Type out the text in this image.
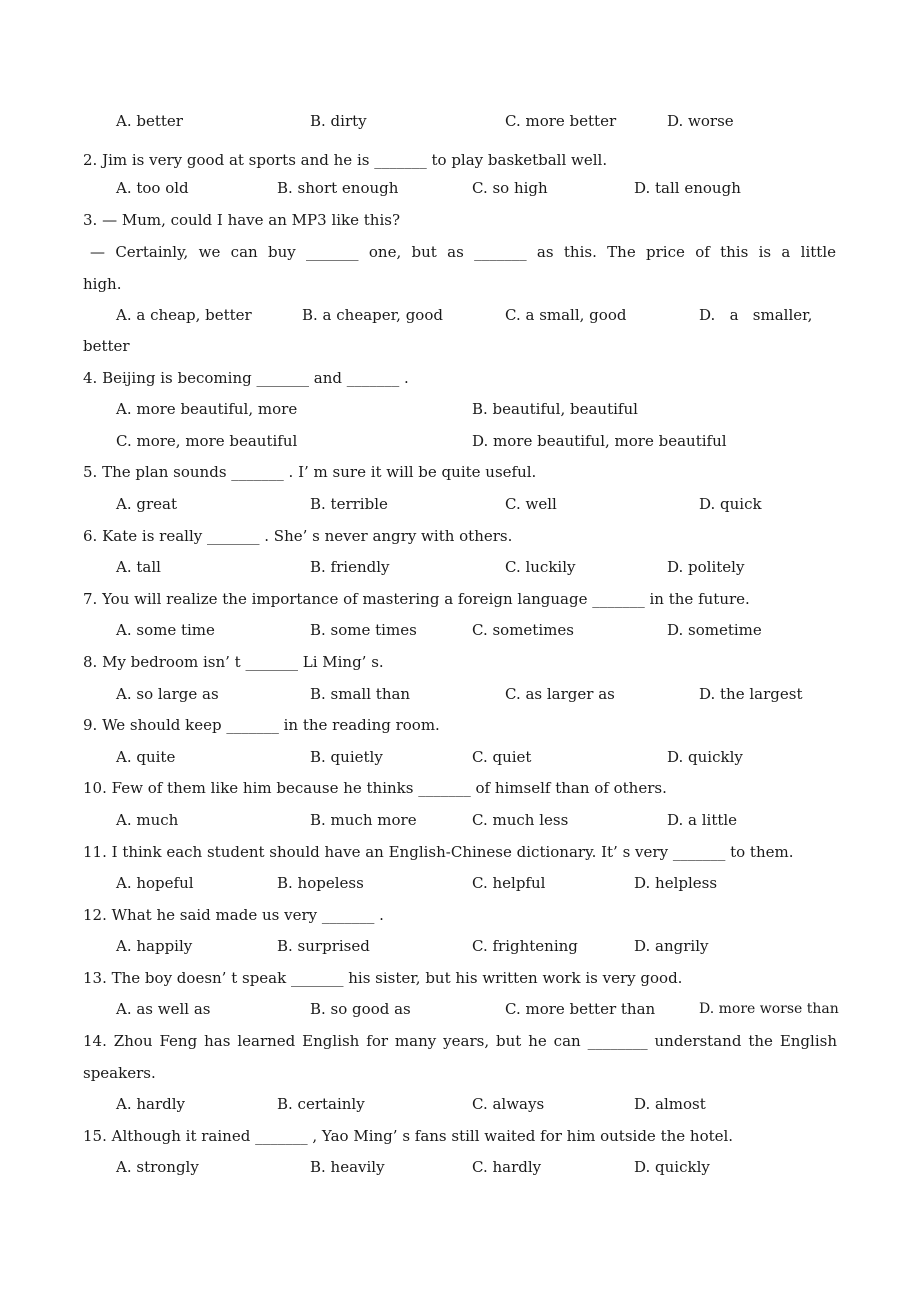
A. better	B. dirty	C. more better	D. worse
2. Jim is very good at sports and he is _______ to play basketball well.
A. too old	B. short enough	C. so high	D. tall enough
3. — Mum, could I have an MP3 like this?
— Certainly, we can buy _______ one, but as _______ as this. The price of this is a little
high.
A. a cheap, better	B. a cheaper, good	C. a small, good	D.   a   smaller,
better
4. Beijing is becoming _______ and _______ .
A. more beautiful, more	B. beautiful, beautiful
C. more, more beautiful	D. more beautiful, more beautiful
5. The plan sounds _______ . I’ m sure it will be quite useful.
A. great	B. terrible	C. well	D. quick
6. Kate is really _______ . She’ s never angry with others.
A. tall	B. friendly	C. luckily	D. politely
7. You will realize the importance of mastering a foreign language _______ in the future.
A. some time	B. some times	C. sometimes	D. sometime
8. My bedroom isn’ t _______ Li Ming’ s.
A. so large as	B. small than	C. as larger as	D. the largest
9. We should keep _______ in the reading room.
A. quite	B. quietly	C. quiet	D. quickly
10. Few of them like him because he thinks _______ of himself than of others.
A. much	B. much more	C. much less	D. a little
11. I think each student should have an English-Chinese dictionary. It’ s very _______ to them.
A. hopeful	B. hopeless	C. helpful	D. helpless
12. What he said made us very _______ .
A. happily	B. surprised	C. frightening	D. angrily
13. The boy doesn’ t speak _______ his sister, but his written work is very good.
A. as well as	B. so good as	C. more better than	D. more worse than
14. Zhou Feng has learned English for many years, but he can ________ understand the English
speakers.
A. hardly	B. certainly	C. always	D. almost
15. Although it rained _______ , Yao Ming’ s fans still waited for him outside the hotel.
A. strongly	B. heavily	C. hardly	D. quickly
